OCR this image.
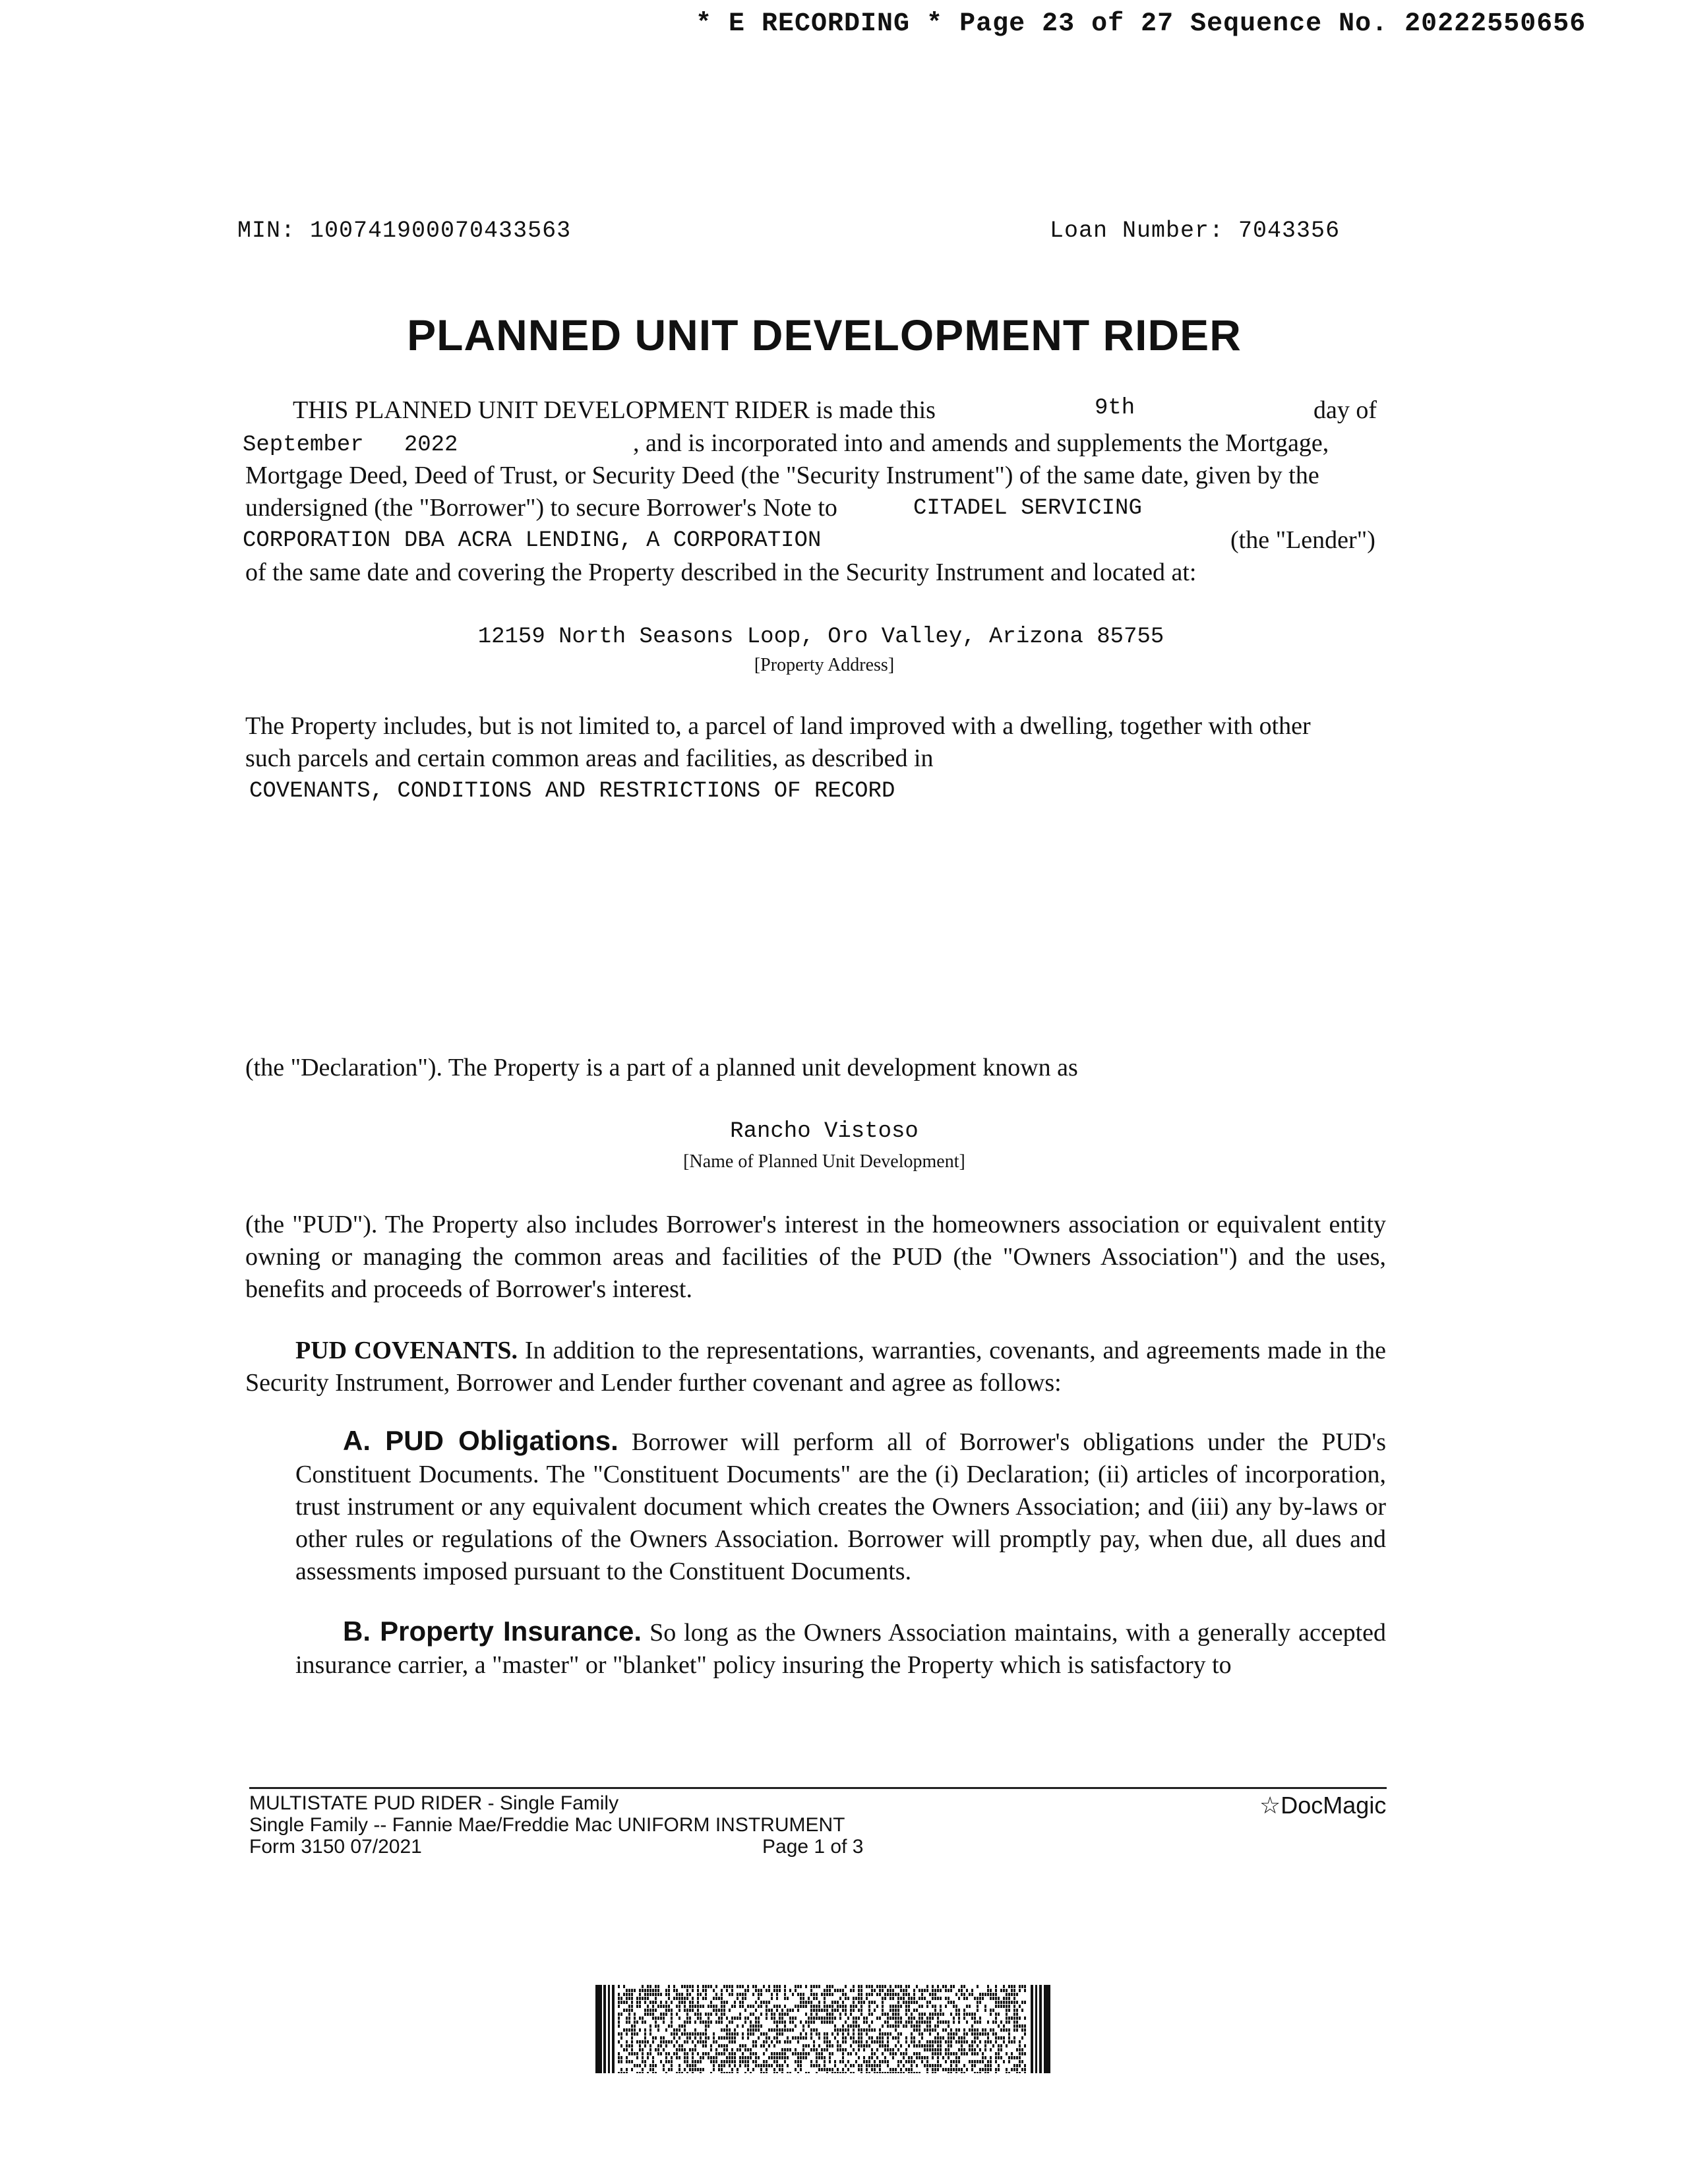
* E RECORDING * Page 23 of 27 Sequence No. 20222550656
MIN: 100741900070433563	Loan Number: 7043356
PLANNED UNIT DEVELOPMENT RIDER
THIS PLANNED UNIT DEVELOPMENT RIDER is made this	9th	day of
September   2022	, and is incorporated into and amends and supplements the Mortgage,
Mortgage Deed, Deed of Trust, or Security Deed (the "Security Instrument") of the same date, given by the
undersigned (the "Borrower") to secure Borrower's Note to	CITADEL SERVICING
CORPORATION DBA ACRA LENDING, A CORPORATION	(the "Lender")
of the same date and covering the Property described in the Security Instrument and located at:
12159 North Seasons Loop, Oro Valley, Arizona 85755
[Property Address]
The Property includes, but is not limited to, a parcel of land improved with a dwelling, together with other
such parcels and certain common areas and facilities, as described in
COVENANTS, CONDITIONS AND RESTRICTIONS OF RECORD
(the "Declaration"). The Property is a part of a planned unit development known as
Rancho Vistoso
[Name of Planned Unit Development]
(the "PUD"). The Property also includes Borrower's interest in the homeowners association or equivalent entity owning or managing the common areas and facilities of the PUD (the "Owners Association") and the uses, benefits and proceeds of Borrower's interest.
PUD COVENANTS. In addition to the representations, warranties, covenants, and agreements made in the Security Instrument, Borrower and Lender further covenant and agree as follows:
A. PUD Obligations. Borrower will perform all of Borrower's obligations under the PUD's Constituent Documents. The "Constituent Documents" are the (i) Declaration; (ii) articles of incorporation, trust instrument or any equivalent document which creates the Owners Association; and (iii) any by-laws or other rules or regulations of the Owners Association. Borrower will promptly pay, when due, all dues and assessments imposed pursuant to the Constituent Documents.
B. Property Insurance. So long as the Owners Association maintains, with a generally accepted insurance carrier, a "master" or "blanket" policy insuring the Property which is satisfactory to
MULTISTATE PUD RIDER - Single Family
Single Family -- Fannie Mae/Freddie Mac UNIFORM INSTRUMENT
Form 3150 07/2021	Page 1 of 3
☆DocMagic
